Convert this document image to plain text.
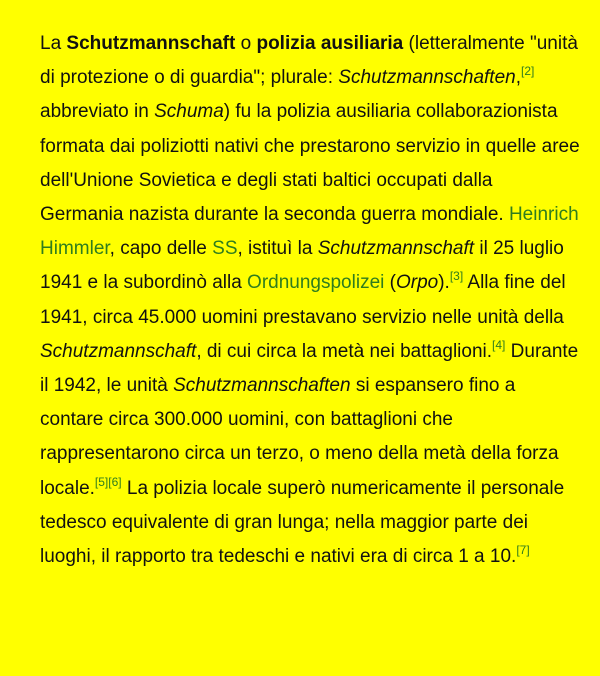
La Schutzmannschaft o polizia ausiliaria (letteralmente "unità di protezione o di guardia"; plurale: Schutzmannschaften,[2] abbreviato in Schuma) fu la polizia ausiliaria collaborazionista formata dai poliziotti nativi che prestarono servizio in quelle aree dell'Unione Sovietica e degli stati baltici occupati dalla Germania nazista durante la seconda guerra mondiale. Heinrich Himmler, capo delle SS, istituì la Schutzmannschaft il 25 luglio 1941 e la subordinò alla Ordnungspolizei (Orpo).[3] Alla fine del 1941, circa 45.000 uomini prestavano servizio nelle unità della Schutzmannschaft, di cui circa la metà nei battaglioni.[4] Durante il 1942, le unità Schutzmannschaften si espansero fino a contare circa 300.000 uomini, con battaglioni che rappresentarono circa un terzo, o meno della metà della forza locale.[5][6] La polizia locale superò numericamente il personale tedesco equivalente di gran lunga; nella maggior parte dei luoghi, il rapporto tra tedeschi e nativi era di circa 1 a 10.[7]
